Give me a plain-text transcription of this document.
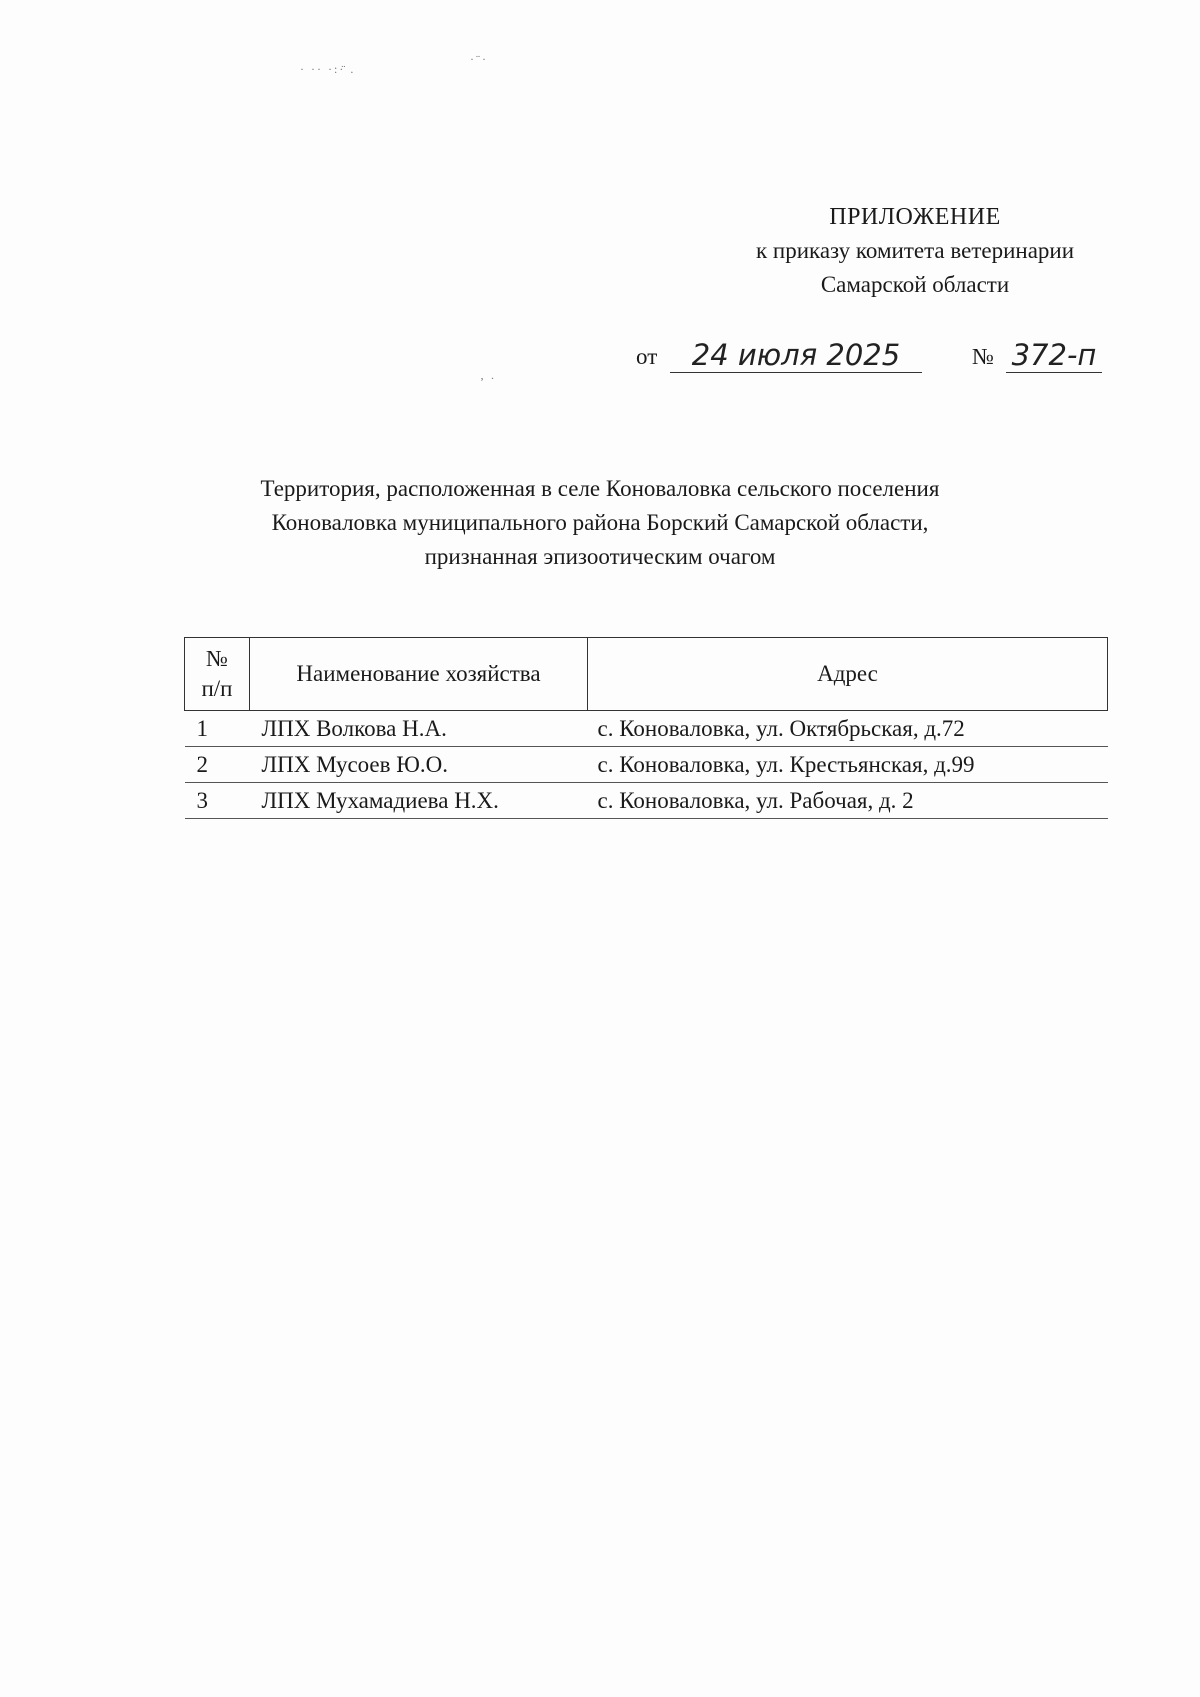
· ·· ·:·̈ .
·¨·
‚ .
ПРИЛОЖЕНИЕ
к приказу комитета ветеринарии
Самарской области
от	24 июля 2025	№ 372-п
Территория, расположенная в селе Коноваловка сельского поселения
Коноваловка муниципального района Борский Самарской области,
признанная эпизоотическим очагом
№
п/п	Наименование хозяйства	Адрес
1	ЛПХ Волкова Н.А.	с. Коноваловка, ул. Октябрьская, д.72
2	ЛПХ Мусоев Ю.О.	с. Коноваловка, ул. Крестьянская, д.99
3	ЛПХ Мухамадиева Н.Х.	с. Коноваловка, ул. Рабочая, д. 2
